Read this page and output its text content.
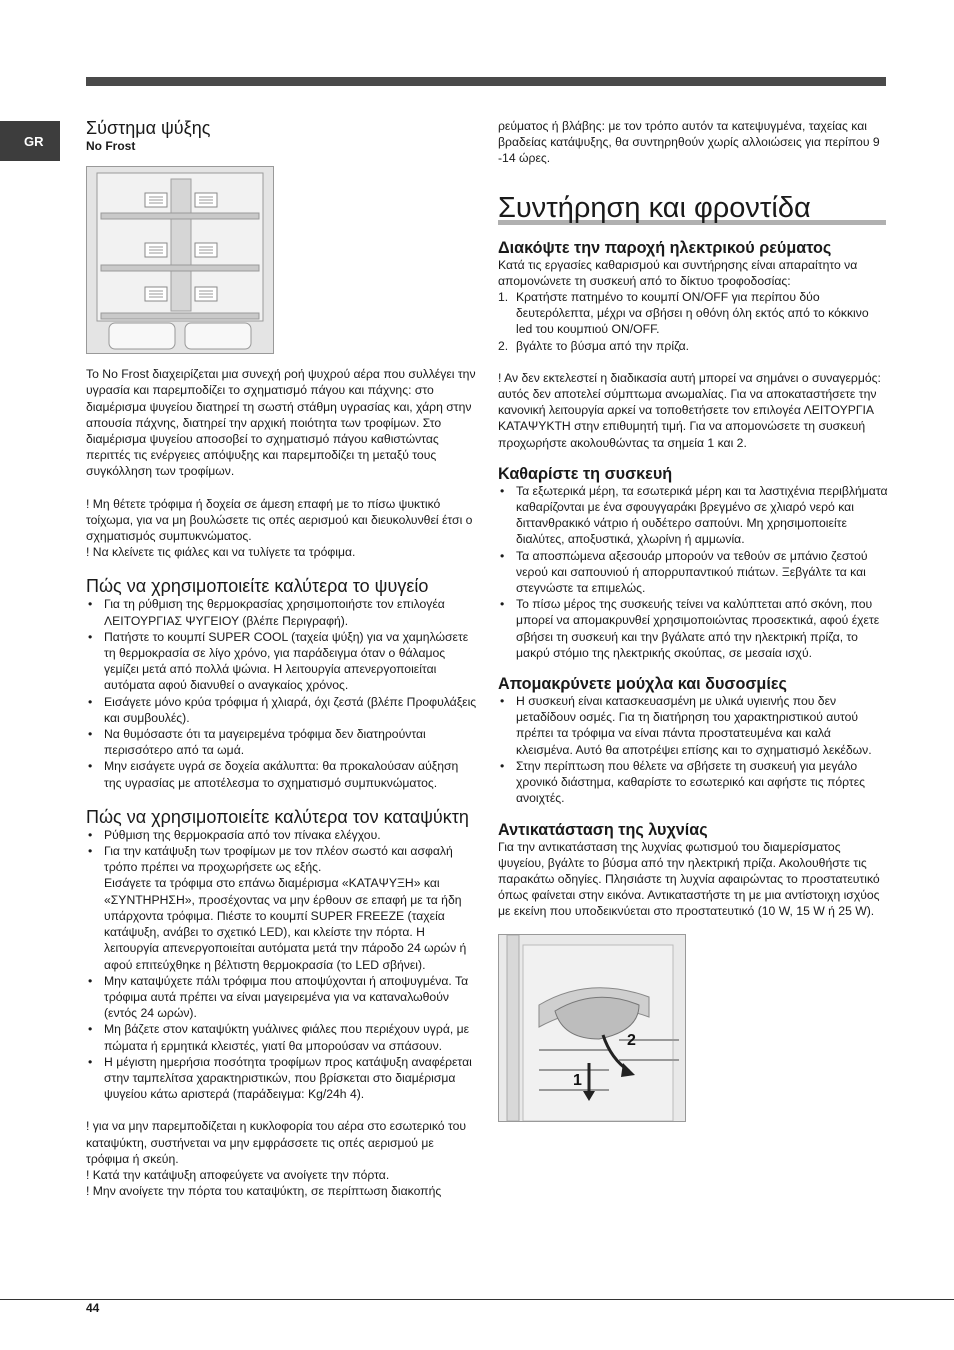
GR
Σύστημα ψύξης

No Frost

Το No Frost διαχειρίζεται μια συνεχή ροή ψυχρού αέρα που συλλέγει την υγρασία και παρεμποδίζει το σχηματισμό πάγου και πάχνης: στο διαμέρισμα ψυγείου διατηρεί τη σωστή στάθμη υγρασίας και, χάρη στην απουσία πάχνης, διατηρεί την αρχική ποιότητα των τροφίμων. Στο διαμέρισμα ψυγείου αποσοβεί το σχηματισμό πάγου καθιστώντας περιττές τις ενέργειες απόψυξης και παρεμποδίζει τη μεταξύ τους συγκόλληση των τροφίμων.

! Μη θέτετε τρόφιμα ή δοχεία σε άμεση επαφή με το πίσω ψυκτικό τοίχωμα, για να μη βουλώσετε τις οπές αερισμού και διευκολυνθεί έτσι ο σχηματισμός συμπυκνώματος.

! Να κλείνετε τις φιάλες και να τυλίγετε τα τρόφιμα.

Πώς να χρησιμοποιείτε καλύτερα το ψυγείο
• Για τη ρύθμιση της θερμοκρασίας χρησιμοποιήστε τον επιλογέα ΛΕΙΤΟΥΡΓΙΑΣ ΨΥΓΕΙΟΥ (βλέπε Περιγραφή).
• Πατήστε το κουμπί SUPER COOL (ταχεία ψύξη) για να χαμηλώσετε τη θερμοκρασία σε λίγο χρόνο, για παράδειγμα όταν ο θάλαμος γεμίζει μετά από πολλά ψώνια. Η λειτουργία απενεργοποιείται αυτόματα αφού διανυθεί ο αναγκαίος χρόνος.
• Εισάγετε μόνο κρύα τρόφιμα ή χλιαρά, όχι ζεστά (βλέπε Προφυλάξεις και συμβουλές).
• Να θυμόσαστε ότι τα μαγειρεμένα τρόφιμα δεν διατηρούνται περισσότερο από τα ωμά.
• Μην εισάγετε υγρά σε δοχεία ακάλυπτα: θα προκαλούσαν αύξηση της υγρασίας με αποτέλεσμα το σχηματισμό συμπυκνώματος.
Πώς να χρησιμοποιείτε καλύτερα τον καταψύκτη
• Ρύθμιση της θερμοκρασία από τον πίνακα ελέγχου.
• Για την κατάψυξη των τροφίμων με τον πλέον σωστό και ασφαλή τρόπο πρέπει να προχωρήσετε ως εξής.
Εισάγετε τα τρόφιμα στο επάνω διαμέρισμα «ΚΑΤΑΨΥΞΗ» και «ΣΥΝΤΗΡΗΣΗ», προσέχοντας να μην έρθουν σε επαφή με τα ήδη υπάρχοντα τρόφιμα. Πιέστε το κουμπί SUPER FREEZE (ταχεία κατάψυξη, ανάβει το σχετικό LED), και κλείστε την πόρτα. Η λειτουργία απενεργοποιείται αυτόματα μετά την πάροδο 24 ωρών ή αφού επιτεύχθηκε η βέλτιστη θερμοκρασία (το LED σβήνει).
• Μην καταψύχετε πάλι τρόφιμα που αποψύχονται ή αποψυγμένα. Τα τρόφιμα αυτά πρέπει να είναι μαγειρεμένα για να καταναλωθούν (εντός 24 ωρών).
• Μη βάζετε στον καταψύκτη γυάλινες φιάλες που περιέχουν υγρά, με πώματα ή ερμητικά κλειστές, γιατί θα μπορούσαν να σπάσουν.
• Η μέγιστη ημερήσια ποσότητα τροφίμων προς κατάψυξη αναφέρεται στην ταμπελίτσα χαρακτηριστικών, που βρίσκεται στο διαμέρισμα ψυγείου κάτω αριστερά (παράδειγμα: Kg/24h 4).

! για να μην παρεμποδίζεται η κυκλοφορία του αέρα στο εσωτερικό του καταψύκτη, συστήνεται να μην εμφράσσετε τις οπές αερισμού με τρόφιμα ή σκεύη.

! Κατά την κατάψυξη αποφεύγετε να ανοίγετε την πόρτα.

! Μην ανοίγετε την πόρτα του καταψύκτη, σε περίπτωση διακοπής

ρεύματος ή βλάβης: με τον τρόπο αυτόν τα κατεψυγμένα, ταχείας και βραδείας κατάψυξης, θα συντηρηθούν χωρίς αλλοιώσεις για περίπου 9 -14 ώρες.

Συντήρηση και φροντίδα
Διακόψτε την παροχή ηλεκτρικού ρεύματος

Κατά τις εργασίες καθαρισμού και συντήρησης είναι απαραίτητο να απομονώνετε τη συσκευή από το δίκτυο τροφοδοσίας:

1. Κρατήστε πατημένο το κουμπί ON/OFF για περίπου δύο δευτερόλεπτα, μέχρι να σβήσει η οθόνη όλη εκτός από το κόκκινο led του κουμπιού ON/OFF.
2. βγάλτε το βύσμα από την πρίζα.

! Αν δεν εκτελεστεί η διαδικασία αυτή μπορεί να σημάνει ο συναγερμός: αυτός δεν αποτελεί σύμπτωμα ανωμαλίας. Για να αποκαταστήσετε την κανονική λειτουργία αρκεί να τοποθετήσετε τον επιλογέα ΛΕΙΤΟΥΡΓΙΑ ΚΑΤΑΨΥΚΤΗ στην επιθυμητή τιμή. Για να απομονώσετε τη συσκευή προχωρήστε ακολουθώντας τα σημεία 1 και 2.

Καθαρίστε τη συσκευή
• Τα εξωτερικά μέρη, τα εσωτερικά μέρη και τα λαστιχένια περιβλήματα καθαρίζονται με ένα σφουγγαράκι βρεγμένο σε χλιαρό νερό και διττανθρακικό νάτριο ή ουδέτερο σαπούνι. Μη χρησιμοποιείτε διαλύτες, αποξυστικά, χλωρίνη ή αμμωνία.
• Τα αποσπώμενα αξεσουάρ μπορούν να τεθούν σε μπάνιο ζεστού νερού και σαπουνιού ή απορρυπαντικού πιάτων. Ξεβγάλτε τα και στεγνώστε τα επιμελώς.
• Το πίσω μέρος της συσκευής τείνει να καλύπτεται από σκόνη, που μπορεί να απομακρυνθεί χρησιμοποιώντας προσεκτικά, αφού έχετε σβήσει τη συσκευή και την βγάλατε από την ηλεκτρική πρίζα, το μακρύ στόμιο της ηλεκτρικής σκούπας, σε μεσαία ισχύ.
Απομακρύνετε μούχλα και δυσοσμίες
• Η συσκευή είναι κατασκευασμένη με υλικά υγιεινής που δεν μεταδίδουν οσμές. Για τη διατήρηση του χαρακτηριστικού αυτού πρέπει τα τρόφιμα να είναι πάντα προστατευμένα και καλά κλεισμένα. Αυτό θα αποτρέψει επίσης και το σχηματισμό λεκέδων.
• Στην περίπτωση που θέλετε να σβήσετε τη συσκευή για μεγάλο χρονικό διάστημα, καθαρίστε το εσωτερικό και αφήστε τις πόρτες ανοιχτές.
Αντικατάσταση της λυχνίας

Για την αντικατάσταση της λυχνίας φωτισμού του διαμερίσματος ψυγείου, βγάλτε το βύσμα από την ηλεκτρική πρίζα. Ακολουθήστε τις παρακάτω οδηγίες. Πλησιάστε τη λυχνία αφαιρώντας το προστατευτικό όπως φαίνεται στην εικόνα. Αντικαταστήστε τη με μια αντίστοιχη ισχύος με εκείνη που υποδεικνύεται στο προστατευτικό (10 W, 15 W ή 25 W).

2
1
44
